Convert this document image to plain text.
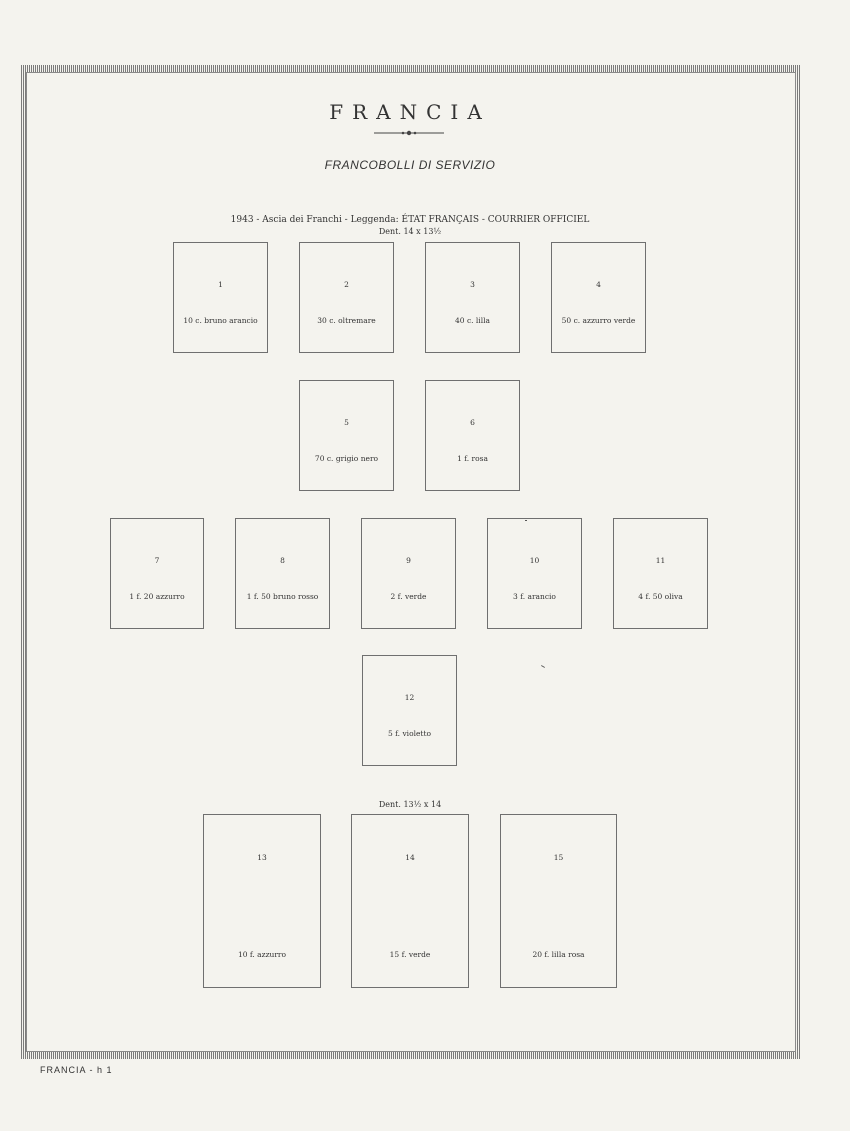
FRANCIA
FRANCOBOLLI DI SERVIZIO
1943 - Ascia dei Franchi - Leggenda: ÉTAT FRANÇAIS - COURRIER OFFICIEL
Dent. 14 x 13½
1
10 c. bruno arancio
2
30 c. oltremare
3
40 c. lilla
4
50 c. azzurro verde
5
70 c. grigio nero
6
1 f. rosa
7
1 f. 20 azzurro
8
1 f. 50 bruno rosso
9
2 f. verde
10
3 f. arancio
11
4 f. 50 oliva
12
5 f. violetto
Dent. 13½ x 14
13
10 f. azzurro
14
15 f. verde
15
20 f. lilla rosa
FRANCIA - h 1
